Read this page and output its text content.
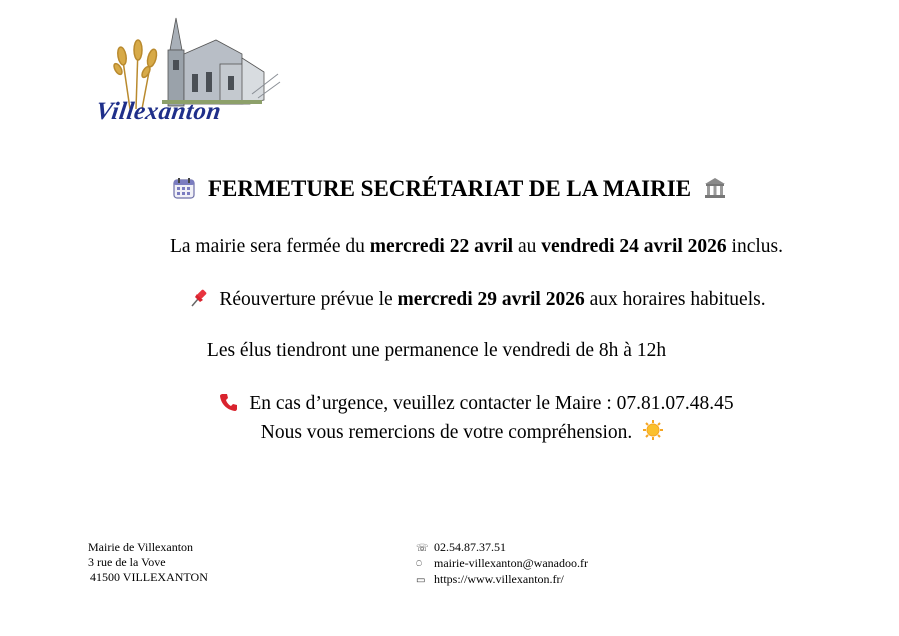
Villexanton
FERMETURE SECRÉTARIAT DE LA MAIRIE
La mairie sera fermée du mercredi 22 avril au vendredi 24 avril 2026 inclus.
Réouverture prévue le mercredi 29 avril 2026 aux horaires habituels.
Les élus tiendront une permanence le vendredi de 8h à 12h
En cas d’urgence, veuillez contacter le Maire : 07.81.07.48.45
Nous vous remercions de votre compréhension.
Mairie de Villexanton
3 rue de la Vove
41500 VILLEXANTON
☏ 02.54.87.37.51
⍥ mairie-villexanton@wanadoo.fr
▭ https://www.villexanton.fr/
